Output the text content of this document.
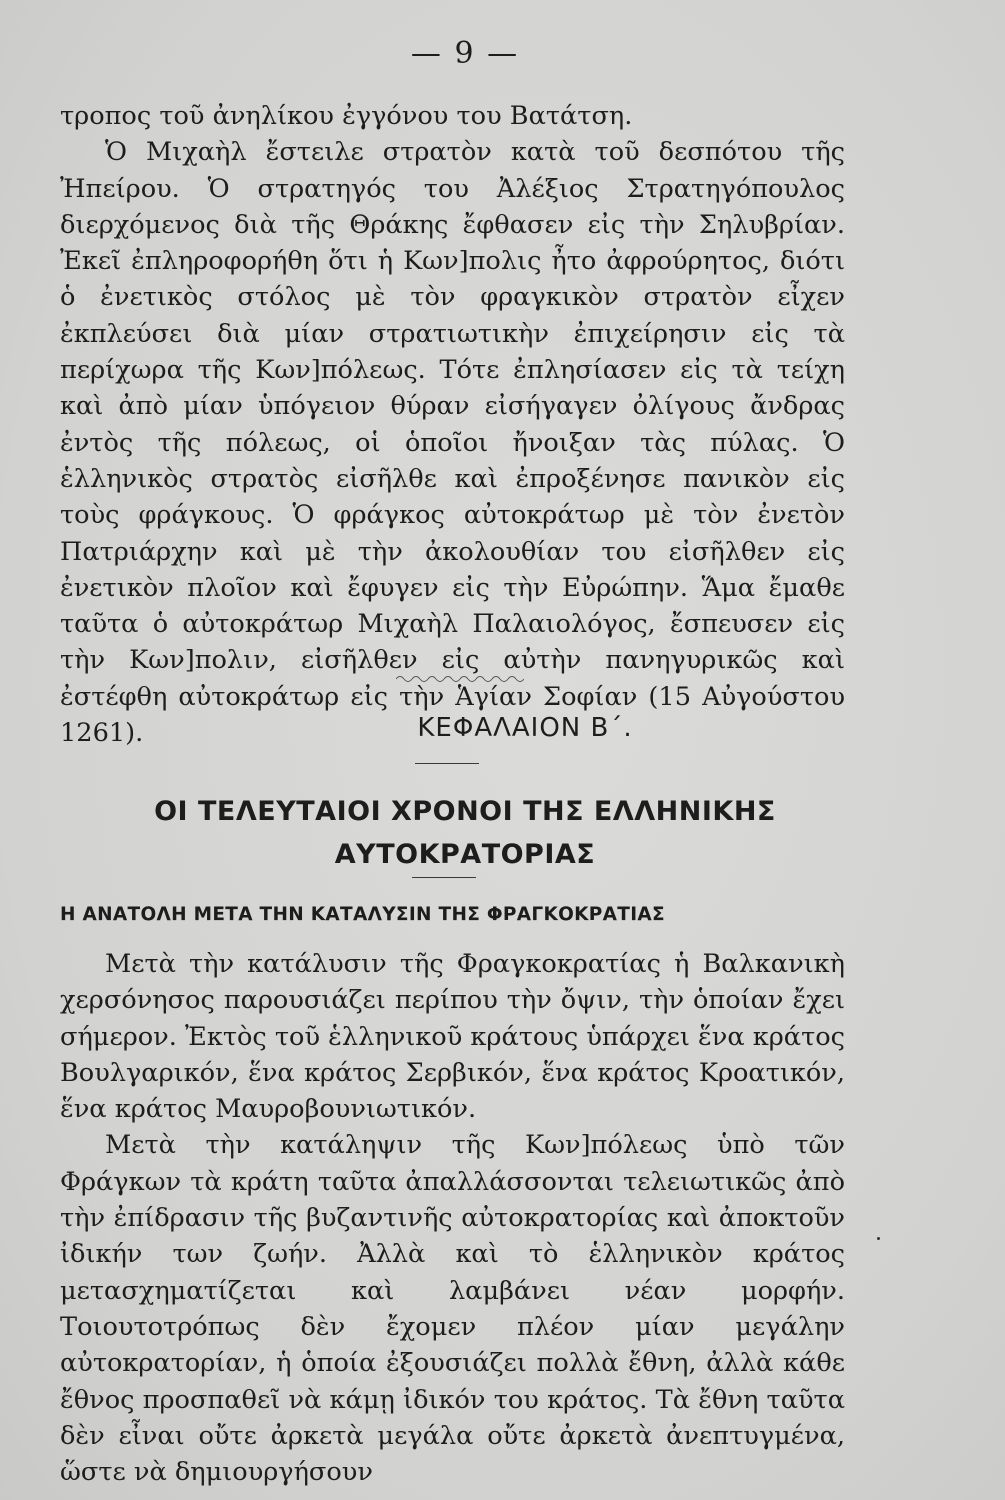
— 9 —

τροπος τοῦ ἀνηλίκου ἐγγόνου του Βατάτση.

Ὁ Μιχαὴλ ἔστειλε στρατὸν κατὰ τοῦ δεσπότου τῆς Ἠπείρου. Ὁ στρατηγός του Ἀλέξιος Στρατηγόπουλος διερχόμενος διὰ τῆς Θράκης ἔφθασεν εἰς τὴν Σηλυβρίαν. Ἐκεῖ ἐπληροφορήθη ὅτι ἡ Κων]πολις ἦτο ἀφρούρητος, διότι ὁ ἐνετικὸς στόλος μὲ τὸν φραγκικὸν στρατὸν εἶχεν ἐκπλεύσει διὰ μίαν στρατιωτικὴν ἐπιχείρησιν εἰς τὰ περίχωρα τῆς Κων]πόλεως. Τότε ἐπλησίασεν εἰς τὰ τείχη καὶ ἀπὸ μίαν ὑπόγειον θύραν εἰσήγαγεν ὀλίγους ἄνδρας ἐντὸς τῆς πόλεως, οἱ ὁποῖοι ἤνοιξαν τὰς πύλας. Ὁ ἑλληνικὸς στρατὸς εἰσῆλθε καὶ ἐπροξένησε πανικὸν εἰς τοὺς φράγκους. Ὁ φράγκος αὐτοκράτωρ μὲ τὸν ἐνετὸν Πατριάρχην καὶ μὲ τὴν ἀκολουθίαν του εἰσῆλθεν εἰς ἐνετικὸν πλοῖον καὶ ἔφυγεν εἰς τὴν Εὐρώπην. Ἅμα ἔμαθε ταῦτα ὁ αὐτοκράτωρ Μιχαὴλ Παλαιολόγος, ἔσπευσεν εἰς τὴν Κων]πολιν, εἰσῆλθεν εἰς αὐτὴν πανηγυρικῶς καὶ ἐστέφθη αὐτοκράτωρ εἰς τὴν Ἁγίαν Σοφίαν (15 Αὐγούστου 1261).	ΚΕΦΑΛΑΙΟΝ Β΄.
ΟΙ ΤΕΛΕΥΤΑΙΟΙ ΧΡΟΝΟΙ ΤΗΣ ΕΛΛΗΝΙΚΗΣ
ΑΥΤΟΚΡΑΤΟΡΙΑΣ
Η ΑΝΑΤΟΛΗ ΜΕΤΑ ΤΗΝ ΚΑΤΑΛΥΣΙΝ ΤΗΣ ΦΡΑΓΚΟΚΡΑΤΙΑΣ

Μετὰ τὴν κατάλυσιν τῆς Φραγκοκρατίας ἡ Βαλκανικὴ χερσόνησος παρουσιάζει περίπου τὴν ὄψιν, τὴν ὁποίαν ἔχει σήμερον. Ἐκτὸς τοῦ ἑλληνικοῦ κράτους ὑπάρχει ἕνα κράτος Βουλγαρικόν, ἕνα κράτος Σερβικόν, ἕνα κράτος Κροατικόν, ἕνα κράτος Μαυροβουνιωτικόν.

Μετὰ τὴν κατάληψιν τῆς Κων]πόλεως ὑπὸ τῶν Φράγκων τὰ κράτη ταῦτα ἀπαλλάσσονται τελειωτικῶς ἀπὸ τὴν ἐπίδρασιν τῆς βυζαντινῆς αὐτοκρατορίας καὶ ἀποκτοῦν ἰδικήν των ζωήν. Ἀλλὰ καὶ τὸ ἑλληνικὸν κράτος μετασχηματίζεται καὶ λαμβάνει νέαν μορφήν. Τοιουτοτρόπως δὲν ἔχομεν πλέον μίαν μεγάλην αὐτοκρατορίαν, ἡ ὁποία ἐξουσιάζει πολλὰ ἔθνη, ἀλλὰ κάθε ἔθνος προσπαθεῖ νὰ κάμῃ ἰδικόν του κράτος. Τὰ ἔθνη ταῦτα δὲν εἶναι οὔτε ἀρκετὰ μεγάλα οὔτε ἀρκετὰ ἀνεπτυγμένα, ὥστε νὰ δημιουργήσουν
